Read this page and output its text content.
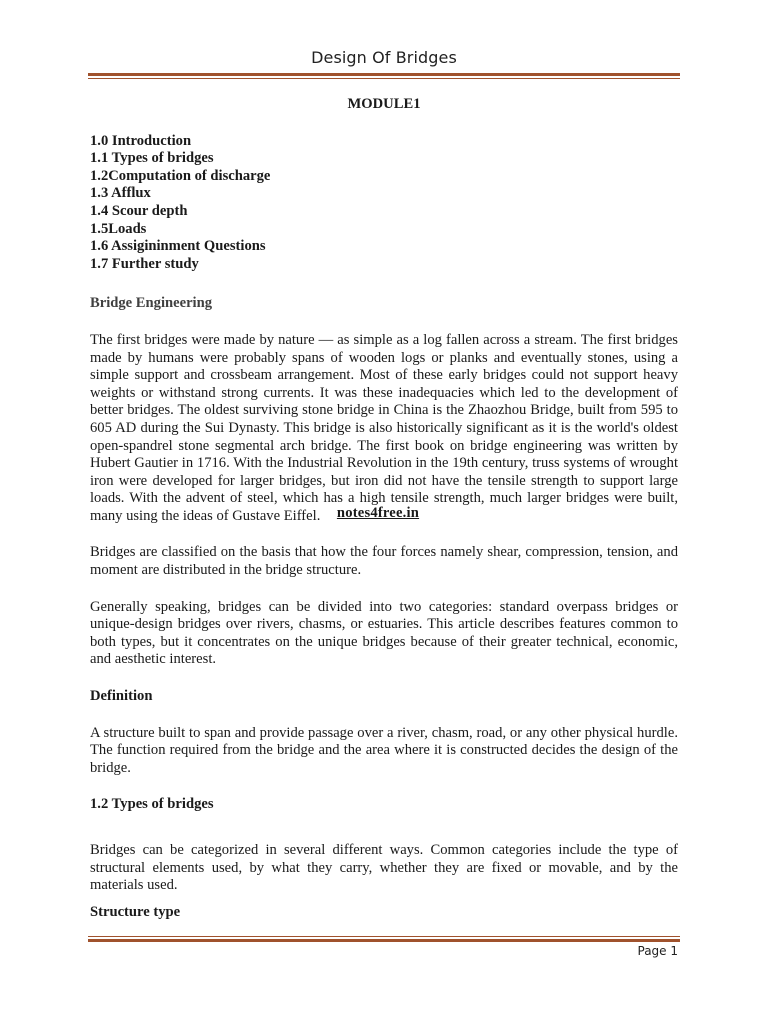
Design Of Bridges
MODULE1
1.0 Introduction
1.1 Types of bridges
1.2Computation of discharge
1.3 Afflux
1.4 Scour depth
1.5Loads
1.6 Assigininment Questions
1.7 Further study
Bridge Engineering

The first bridges were made by nature — as simple as a log fallen across a stream. The first bridges made by humans were probably spans of wooden logs or planks and eventually stones, using a simple support and crossbeam arrangement. Most of these early bridges could not support heavy weights or withstand strong currents. It was these inadequacies which led to the development of better bridges. The oldest surviving stone bridge in China is the Zhaozhou Bridge, built from 595 to 605 AD during the Sui Dynasty. This bridge is also historically significant as it is the world's oldest open-spandrel stone segmental arch bridge. The first book on bridge engineering was written by Hubert Gautier in 1716. With the Industrial Revolution in the 19th century, truss systems of wrought iron were developed for larger bridges, but iron did not have the tensile strength to support large loads. With the advent of steel, which has a high tensile strength, much larger bridges were built, many using the ideas of Gustave Eiffel.	notes4free.in

Bridges are classified on the basis that how the four forces namely shear, compression, tension, and moment are distributed in the bridge structure.

Generally speaking, bridges can be divided into two categories: standard overpass bridges or unique-design bridges over rivers, chasms, or estuaries. This article describes features common to both types, but it concentrates on the unique bridges because of their greater technical, economic, and aesthetic interest.

Definition

A structure built to span and provide passage over a river, chasm, road, or any other physical hurdle. The function required from the bridge and the area where it is constructed decides the design of the bridge.

1.2 Types of bridges

Bridges can be categorized in several different ways. Common categories include the type of structural elements used, by what they carry, whether they are fixed or movable, and by the materials used.

Structure type
Page 1
